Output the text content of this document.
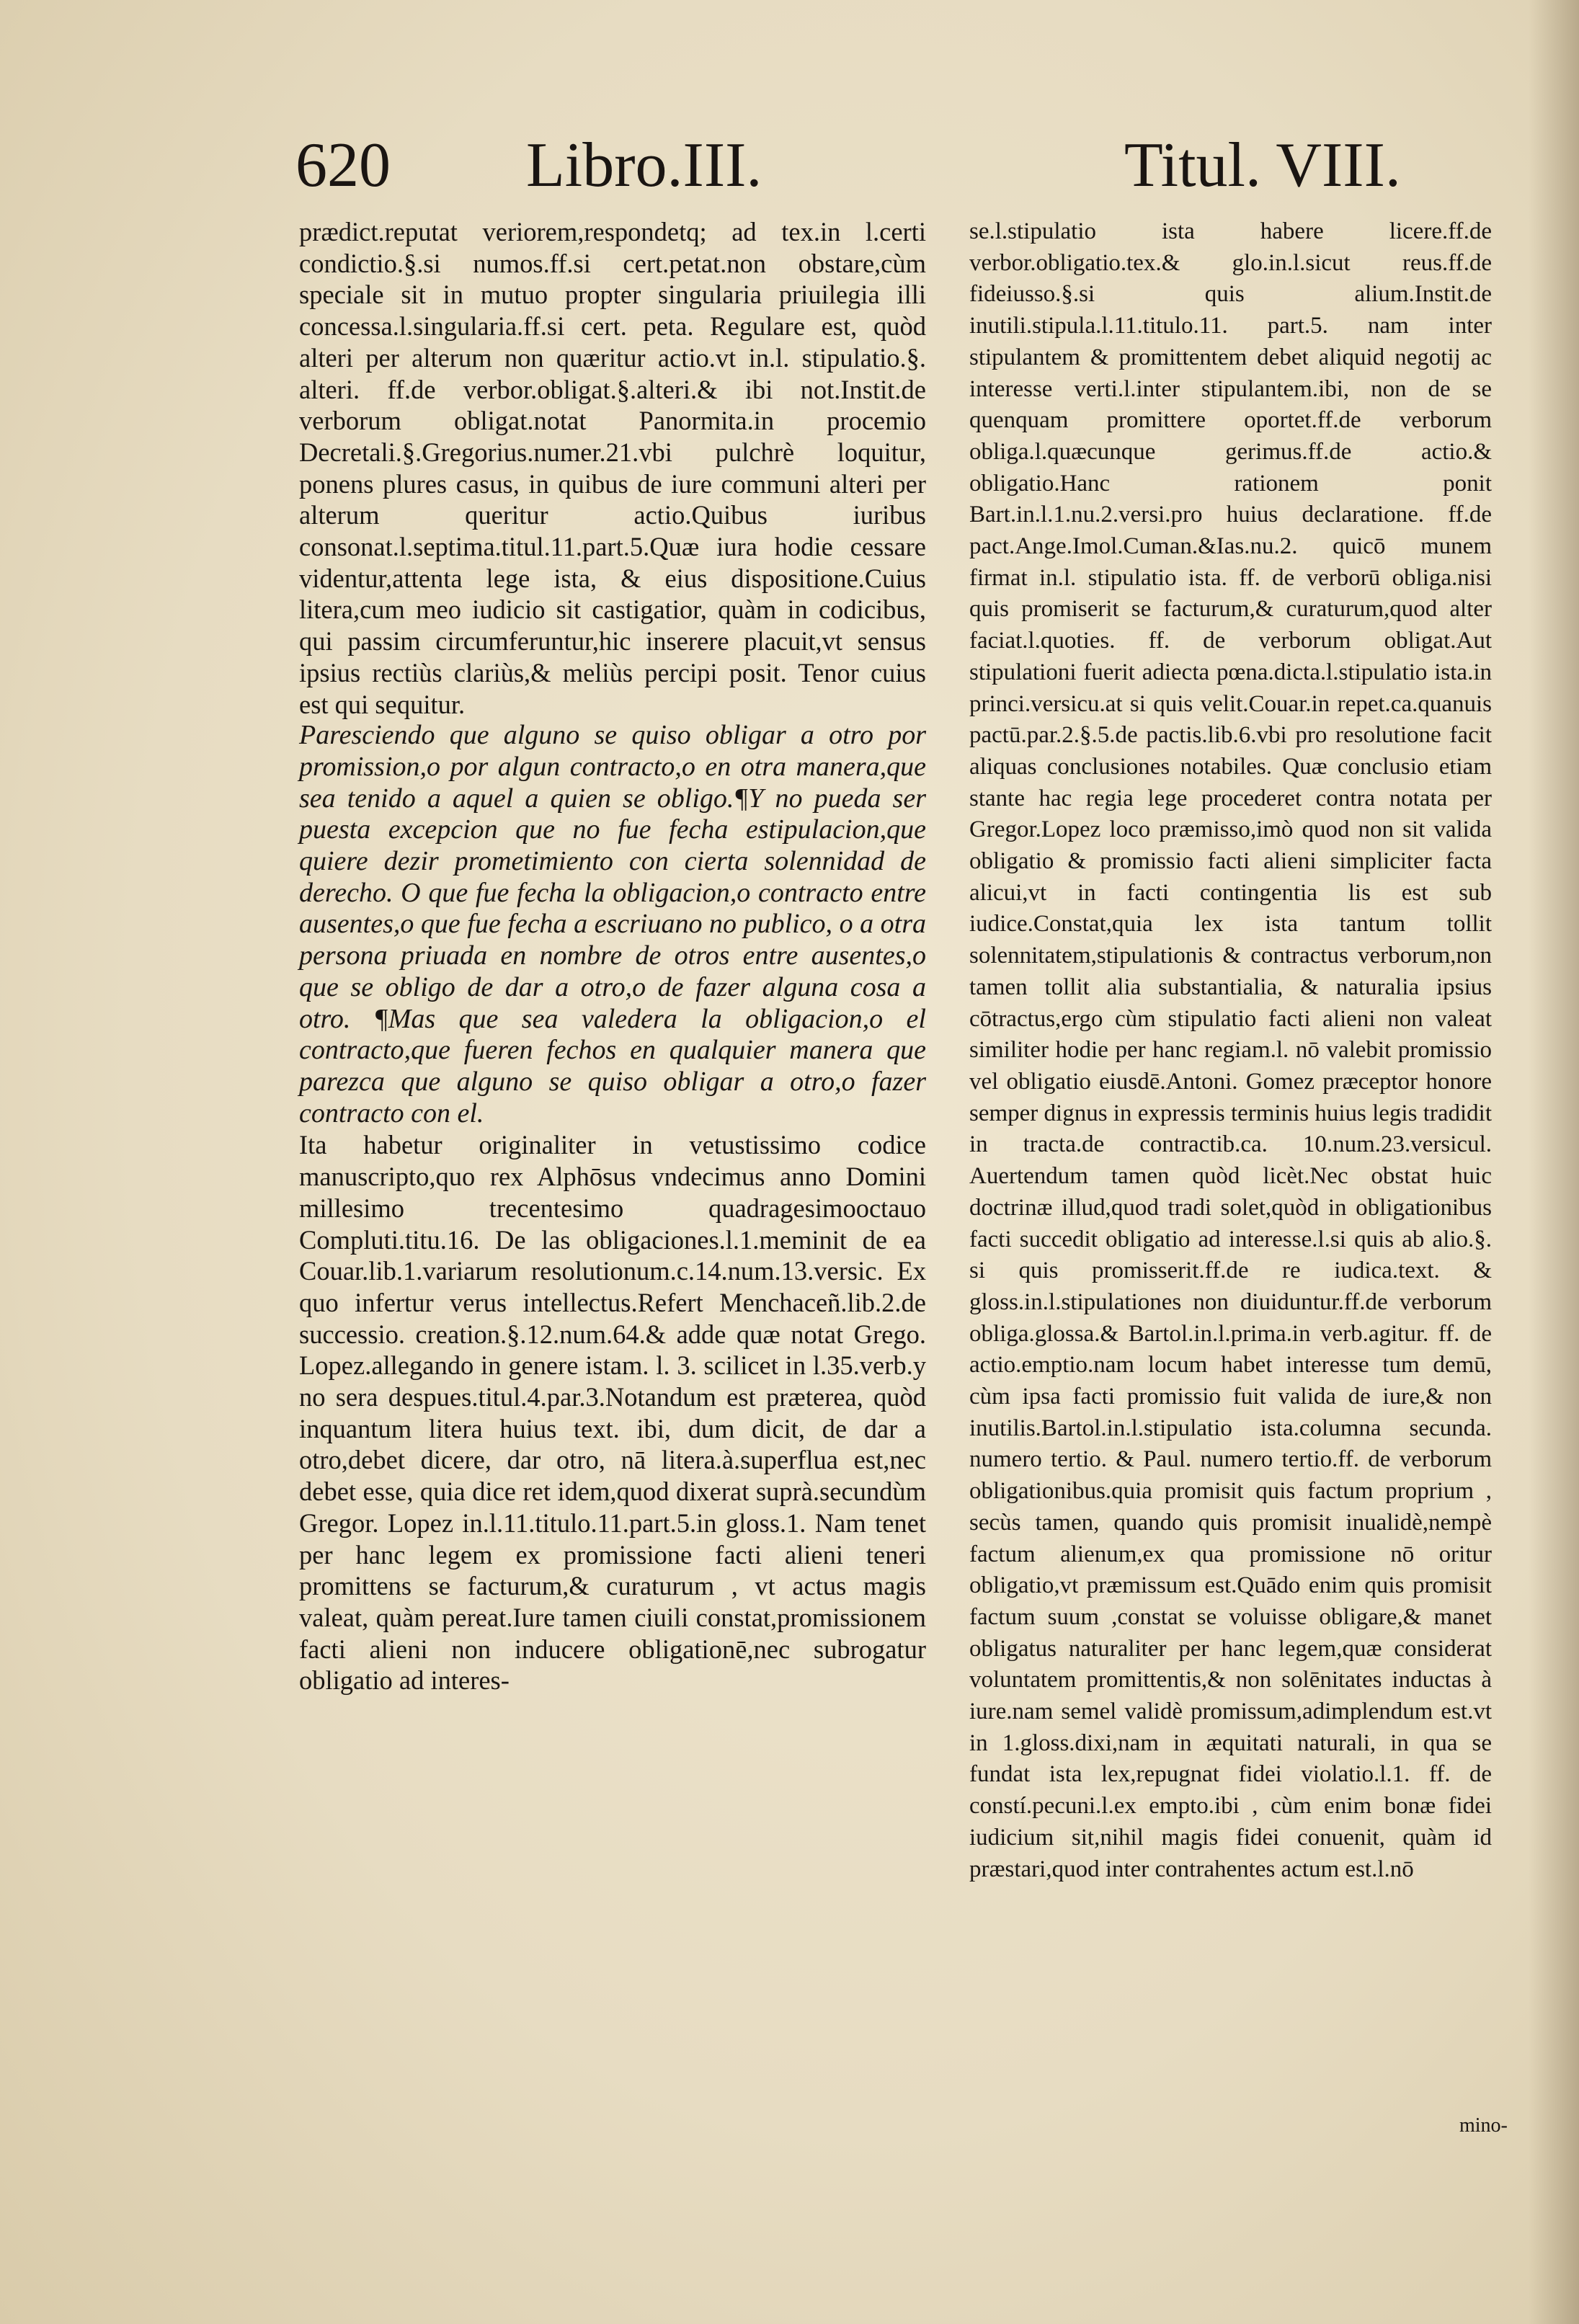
620 Libro.III.	Titul. VIII.

prædict.reputat veriorem,respondetq; ad tex.in l.certi condictio.§.si numos.ff.si cert.petat.non obstare,cùm speciale sit in mutuo propter singularia priuilegia illi concessa.l.singularia.ff.si cert. peta. Regulare est, quòd alteri per alterum non quæritur actio.vt in.l. stipulatio.§. alteri. ff.de verbor.obligat.§.alteri.& ibi not.Instit.de verborum obligat.notat Panormita.in procemio Decretali.§.Gregorius.numer.21.vbi pulchrè loquitur, ponens plures casus, in quibus de iure communi alteri per alterum queritur actio.Quibus iuribus consonat.l.septima.titul.11.part.5.Quæ iura hodie cessare videntur,attenta lege ista, & eius dispositione.Cuius litera,cum meo iudicio sit castigatior, quàm in codicibus, qui passim circumferuntur,hic inserere placuit,vt sensus ipsius rectiùs clariùs,& meliùs percipi posit. Tenor cuius est qui sequitur.

Paresciendo que alguno se quiso obligar a otro por promission,o por algun contracto,o en otra manera,que sea tenido a aquel a quien se obligo.¶Y no pueda ser puesta excepcion que no fue fecha estipulacion,que quiere dezir prometimiento con cierta solennidad de derecho. O que fue fecha la obligacion,o contracto entre ausentes,o que fue fecha a escriuano no publico, o a otra persona priuada en nombre de otros entre ausentes,o que se obligo de dar a otro,o de fazer alguna cosa a otro. ¶Mas que sea valedera la obligacion,o el contracto,que fueren fechos en qualquier manera que parezca que alguno se quiso obligar a otro,o fazer contracto con el.

Ita habetur originaliter in vetustissimo codice manuscripto,quo rex Alphōsus vndecimus anno Domini millesimo trecentesimo quadragesimooctauo Compluti.titu.16. De las obligaciones.l.1.meminit de ea Couar.lib.1.variarum resolutionum.c.14.num.13.versic. Ex quo infertur verus intellectus.Refert Menchaceñ.lib.2.de successio. creation.§.12.num.64.& adde quæ notat Grego. Lopez.allegando in genere istam. l. 3. scilicet in l.35.verb.y no sera despues.titul.4.par.3.Notandum est præterea, quòd inquantum litera huius text. ibi, dum dicit, de dar a otro,debet dicere, dar otro, nā litera.à.superflua est,nec debet esse, quia dice ret idem,quod dixerat suprà.secundùm Gregor. Lopez in.l.11.titulo.11.part.5.in gloss.1. Nam tenet per hanc legem ex promissione facti alieni teneri promittens se facturum,& curaturum , vt actus magis valeat, quàm pereat.Iure tamen ciuili constat,promissionem facti alieni non inducere obligationē,nec subrogatur obligatio ad interes-

se.l.stipulatio ista habere licere.ff.de verbor.obligatio.tex.& glo.in.l.sicut reus.ff.de fideiusso.§.si quis alium.Instit.de inutili.stipula.l.11.titulo.11. part.5. nam inter stipulantem & promittentem debet aliquid negotij ac interesse verti.l.inter stipulantem.ibi, non de se quenquam promittere oportet.ff.de verborum obliga.l.quæcunque gerimus.ff.de actio.& obligatio.Hanc rationem ponit Bart.in.l.1.nu.2.versi.pro huius declaratione. ff.de pact.Ange.Imol.Cuman.&Ias.nu.2. quicō munem firmat in.l. stipulatio ista. ff. de verborū obliga.nisi quis promiserit se facturum,& curaturum,quod alter faciat.l.quoties. ff. de verborum obligat.Aut stipulationi fuerit adiecta pœna.dicta.l.stipulatio ista.in princi.versicu.at si quis velit.Couar.in repet.ca.quanuis pactū.par.2.§.5.de pactis.lib.6.vbi pro resolutione facit aliquas conclusiones notabiles. Quæ conclusio etiam stante hac regia lege procederet contra notata per Gregor.Lopez loco præmisso,imò quod non sit valida obligatio & promissio facti alieni simpliciter facta alicui,vt in facti contingentia lis est sub iudice.Constat,quia lex ista tantum tollit solennitatem,stipulationis & contractus verborum,non tamen tollit alia substantialia, & naturalia ipsius cōtractus,ergo cùm stipulatio facti alieni non valeat similiter hodie per hanc regiam.l. nō valebit promissio vel obligatio eiusdē.Antoni. Gomez præceptor honore semper dignus in expressis terminis huius legis tradidit in tracta.de contractib.ca. 10.num.23.versicul. Auertendum tamen quòd licèt.Nec obstat huic doctrinæ illud,quod tradi solet,quòd in obligationibus facti succedit obligatio ad interesse.l.si quis ab alio.§. si quis promisserit.ff.de re iudica.text. & gloss.in.l.stipulationes non diuiduntur.ff.de verborum obliga.glossa.& Bartol.in.l.prima.in verb.agitur. ff. de actio.emptio.nam locum habet interesse tum demū, cùm ipsa facti promissio fuit valida de iure,& non inutilis.Bartol.in.l.stipulatio ista.columna secunda. numero tertio. & Paul. numero tertio.ff. de verborum obligationibus.quia promisit quis factum proprium , secùs tamen, quando quis promisit inualidè,nempè factum alienum,ex qua promissione nō oritur obligatio,vt præmissum est.Quādo enim quis promisit factum suum ,constat se voluisse obligare,& manet obligatus naturaliter per hanc legem,quæ considerat voluntatem promittentis,& non solēnitates inductas à iure.nam semel validè promissum,adimplendum est.vt in 1.gloss.dixi,nam in æquitati naturali, in qua se fundat ista lex,repugnat fidei violatio.l.1. ff. de constí.pecuni.l.ex empto.ibi , cùm enim bonæ fidei iudicium sit,nihil magis fidei conuenit, quàm id præstari,quod inter contrahentes actum est.l.nō

mino-
